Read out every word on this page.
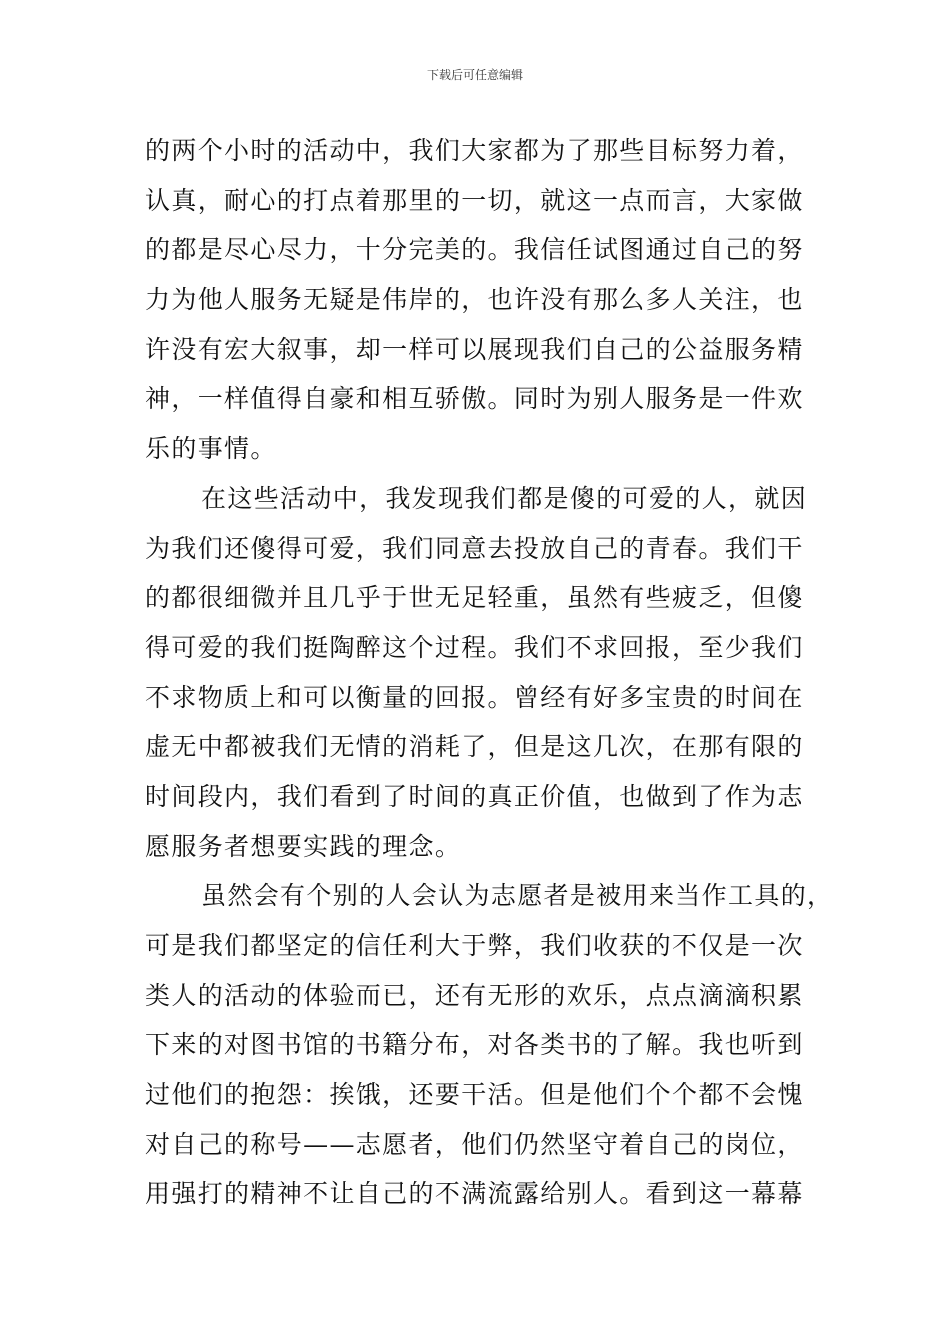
下载后可任意编辑
的两个小时的活动中，我们大家都为了那些目标努力着，
认真，耐心的打点着那里的一切，就这一点而言，大家做
的都是尽心尽力，十分完美的。我信任试图通过自己的努
力为他人服务无疑是伟岸的，也许没有那么多人关注，也
许没有宏大叙事，却一样可以展现我们自己的公益服务精
神，一样值得自豪和相互骄傲。同时为别人服务是一件欢
乐的事情。
在这些活动中，我发现我们都是傻的可爱的人，就因
为我们还傻得可爱，我们同意去投放自己的青春。我们干
的都很细微并且几乎于世无足轻重，虽然有些疲乏，但傻
得可爱的我们挺陶醉这个过程。我们不求回报，至少我们
不求物质上和可以衡量的回报。曾经有好多宝贵的时间在
虚无中都被我们无情的消耗了，但是这几次，在那有限的
时间段内，我们看到了时间的真正价值，也做到了作为志
愿服务者想要实践的理念。
虽然会有个别的人会认为志愿者是被用来当作工具的，
可是我们都坚定的信任利大于弊，我们收获的不仅是一次
类人的活动的体验而已，还有无形的欢乐，点点滴滴积累
下来的对图书馆的书籍分布，对各类书的了解。我也听到
过他们的抱怨：挨饿，还要干活。但是他们个个都不会愧
对自己的称号——志愿者，他们仍然坚守着自己的岗位，
用强打的精神不让自己的不满流露给别人。看到这一幕幕
